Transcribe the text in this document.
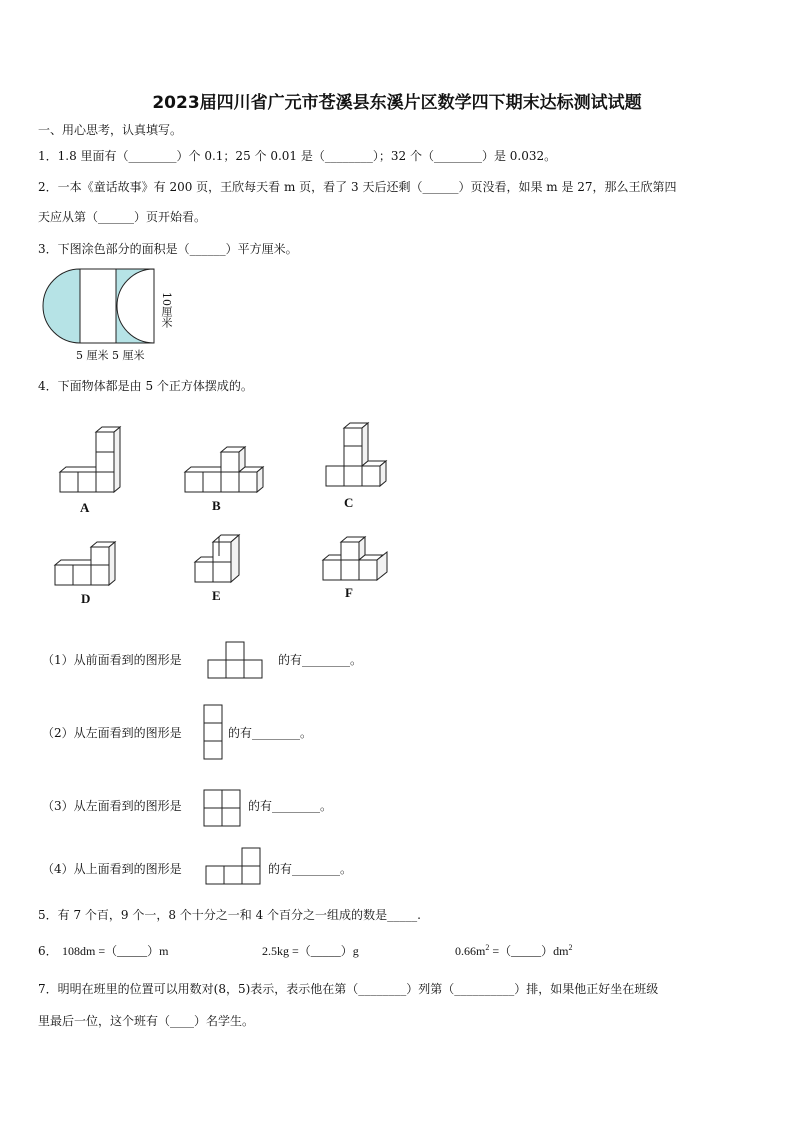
2023届四川省广元市苍溪县东溪片区数学四下期末达标测试试题
一、用心思考，认真填写。
1．1.8 里面有（________）个 0.1；25 个 0.01 是（________）；32 个（________）是 0.032。
2．一本《童话故事》有 200 页，王欣每天看 m 页，看了 3 天后还剩（______）页没看，如果 m 是 27，那么王欣第四
天应从第（______）页开始看。
3．下图涂色部分的面积是（______）平方厘米。
5 厘米 5 厘米
10厘米
4．下面物体都是由 5 个正方体摆成的。
A	B	C
D	E	F
（1）从前面看到的图形是	的有________。
（2）从左面看到的图形是	的有________。
（3）从左面看到的图形是	的有________。
（4）从上面看到的图形是	的有________。
5．有 7 个百，9 个一，8 个十分之一和 4 个百分之一组成的数是_____.
6． 108dm =（_____）m	2.5kg =（_____）g	$0.66m^2$ $=(\_\_\_\_\_)dm^2$
7．明明在班里的位置可以用数对(8，5)表示，表示他在第（________）列第（__________）排，如果他正好坐在班级
里最后一位，这个班有（____）名学生。
